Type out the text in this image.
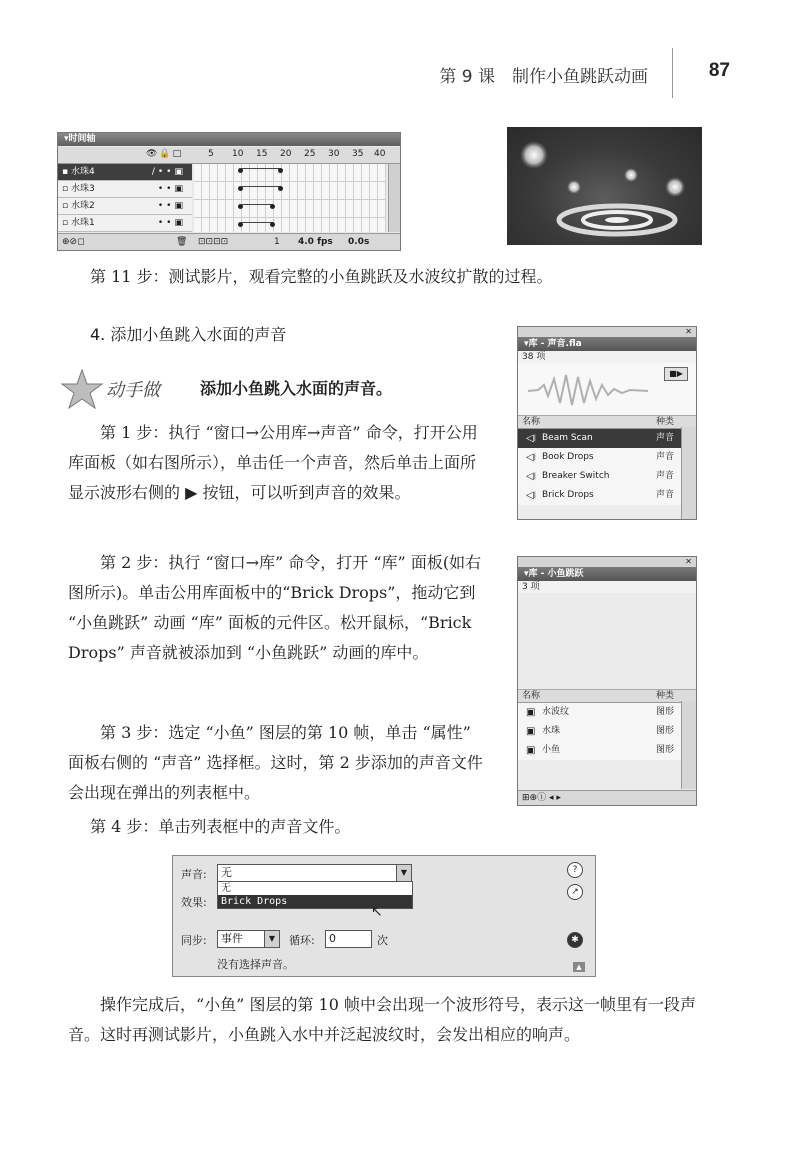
第 9 课　制作小鱼跳跃动画	87
▾时间轴
👁🔒□	5 10 15 20 25 30 35 40
▪ 水珠4	/••▣
▫ 水珠3	••▣
▫ 水珠2	••▣
▫ 水珠1	••▣
⊕⊘◻	🗑 ⊡⊡⊡⊡	1 4.0 fps 0.0s
第 11 步：测试影片，观看完整的小鱼跳跃及水波纹扩散的过程。
4. 添加小鱼跳入水面的声音
动手做	添加小鱼跳入水面的声音。
第 1 步：执行 “窗口→公用库→声音” 命令，打开公用库面板（如右图所示），单击任一个声音，然后单击上面所显示波形右侧的 ▶ 按钮，可以听到声音的效果。
✕
▾库 - 声音.fla
38 项
■▶
名称	种类
◁⧙ Beam Scan	声音
◁⧙ Book Drops	声音
◁⧙ Breaker Switch	声音
◁⧙ Brick Drops	声音
第 2 步：执行 “窗口→库” 命令，打开 “库” 面板(如右图所示)。单击公用库面板中的“Brick Drops”，拖动它到 “小鱼跳跃” 动画 “库” 面板的元件区。松开鼠标，“Brick Drops” 声音就被添加到 “小鱼跳跃” 动画的库中。
✕
▾库 - 小鱼跳跃
3 项
名称	种类
▣ 水波纹	图形
▣ 水珠	图形
▣ 小鱼	图形
⊞⊕ⓘ ◂ ▸
第 3 步：选定 “小鱼” 图层的第 10 帧，单击 “属性” 面板右侧的 “声音” 选择框。这时，第 2 步添加的声音文件会出现在弹出的列表框中。
第 4 步：单击列表框中的声音文件。
声音:	无	▼
效果:
无
Brick Drops
↖
同步:	事件	▼	循环:	0	次
没有选择声音。
?
↗
✱
▲
操作完成后，“小鱼” 图层的第 10 帧中会出现一个波形符号，表示这一帧里有一段声音。这时再测试影片，小鱼跳入水中并泛起波纹时，会发出相应的响声。
